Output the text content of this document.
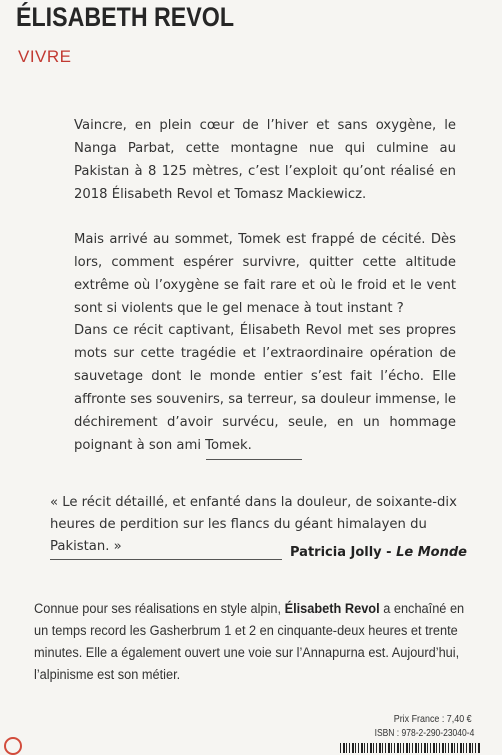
ÉLISABETH REVOL
VIVRE

Vaincre, en plein cœur de l’hiver et sans oxygène, le Nanga Parbat, cette montagne nue qui culmine au Pakistan à 8 125 mètres, c’est l’exploit qu’ont réalisé en 2018 Élisabeth Revol et Tomasz Mackiewicz.

Mais arrivé au sommet, Tomek est frappé de cécité. Dès lors, comment espérer survivre, quitter cette altitude extrême où l’oxygène se fait rare et où le froid et le vent sont si violents que le gel menace à tout instant ?

Dans ce récit captivant, Élisabeth Revol met ses propres mots sur cette tragédie et l’extraordinaire opération de sauvetage dont le monde entier s’est fait l’écho. Elle affronte ses souvenirs, sa terreur, sa douleur immense, le déchirement d’avoir survécu, seule, en un hommage poignant à son ami Tomek.

« Le récit détaillé, et enfanté dans la douleur, de soixante-dix heures de perdition sur les flancs du géant himalayen du Pakistan. »	Patricia Jolly - Le Monde
Connue pour ses réalisations en style alpin, Élisabeth Revol a enchaîné en un temps record les Gasherbrum 1 et 2 en cinquante-deux heures et trente minutes. Elle a également ouvert une voie sur l’Annapurna est. Aujourd’hui, l’alpinisme est son métier.
Prix France : 7,40 €
ISBN : 978-2-290-23040-4
